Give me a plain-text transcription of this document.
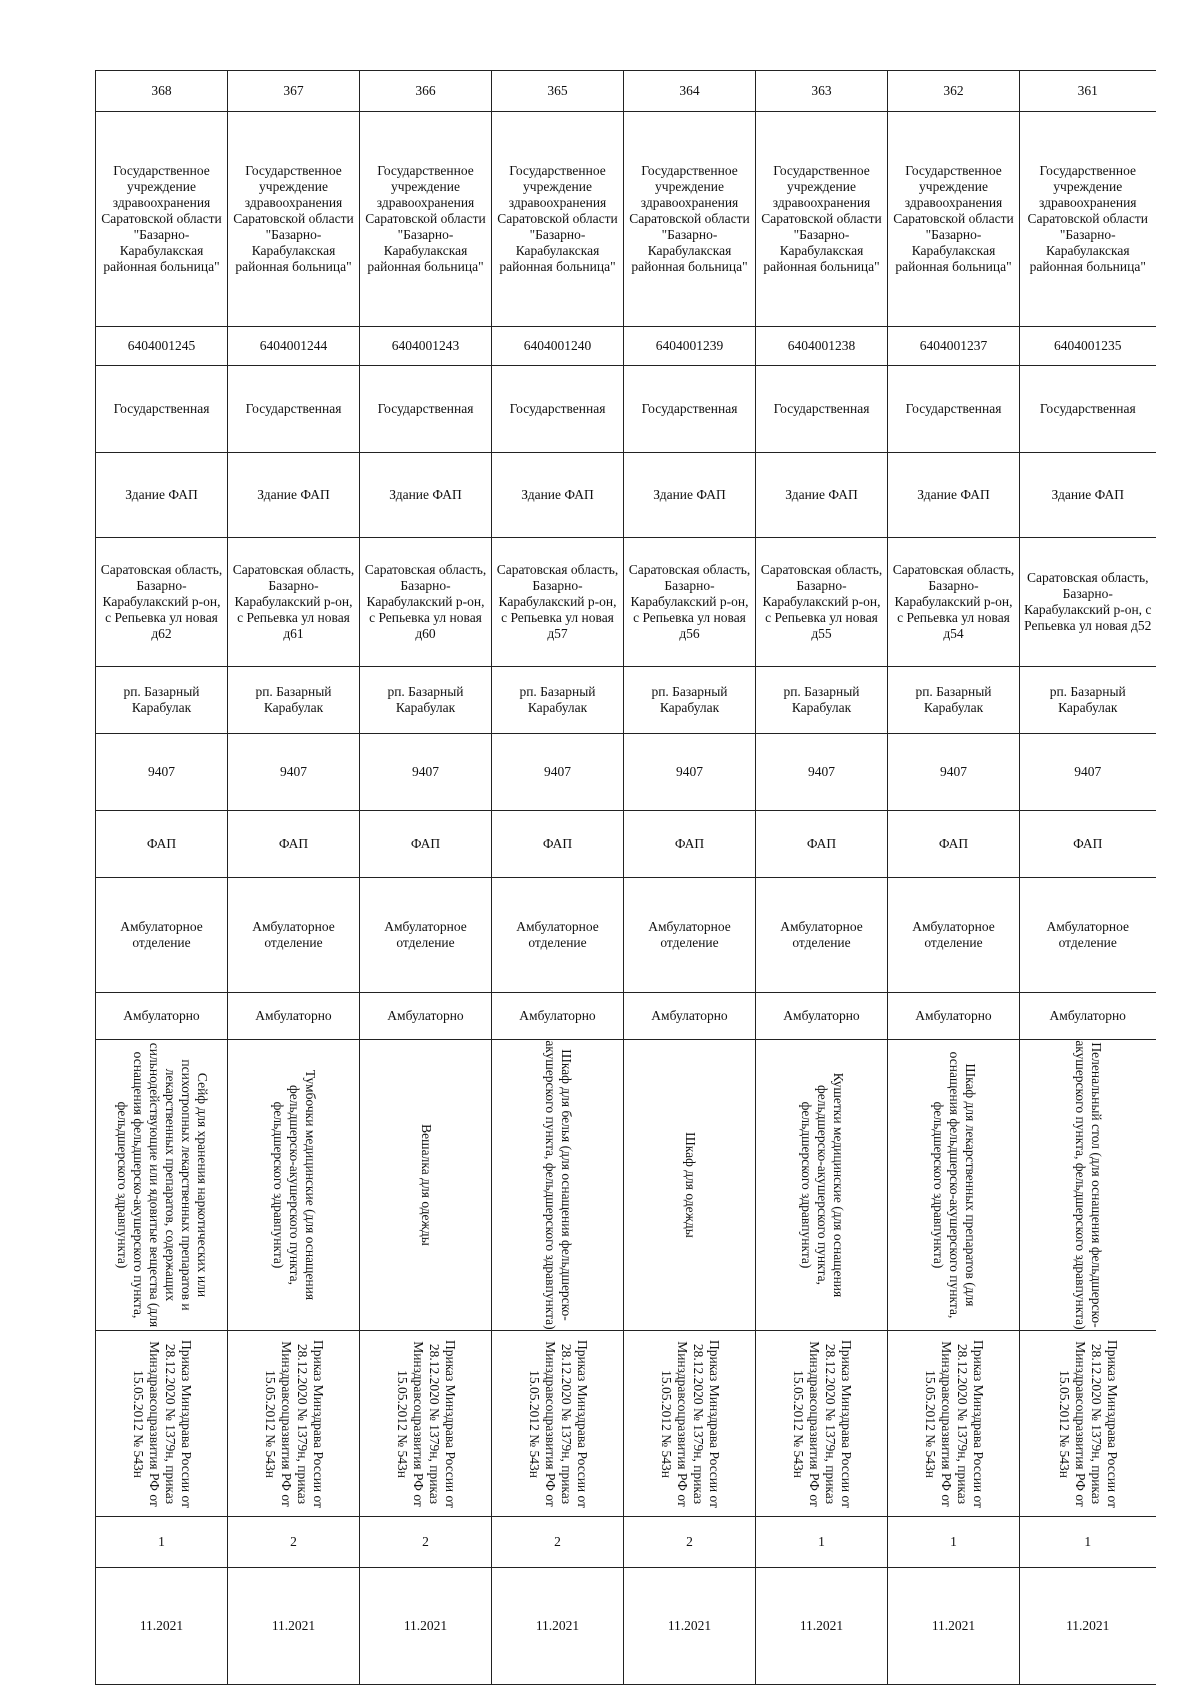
368	367	366	365	364	363	362	361
Государственное учреждение здравоохранения Саратовской области "Базарно-Карабулакская районная больница"	Государственное учреждение здравоохранения Саратовской области "Базарно-Карабулакская районная больница"	Государственное учреждение здравоохранения Саратовской области "Базарно-Карабулакская районная больница"	Государственное учреждение здравоохранения Саратовской области "Базарно-Карабулакская районная больница"	Государственное учреждение здравоохранения Саратовской области "Базарно-Карабулакская районная больница"	Государственное учреждение здравоохранения Саратовской области "Базарно-Карабулакская районная больница"	Государственное учреждение здравоохранения Саратовской области "Базарно-Карабулакская районная больница"	Государственное учреждение здравоохранения Саратовской области "Базарно-Карабулакская районная больница"
6404001245	6404001244	6404001243	6404001240	6404001239	6404001238	6404001237	6404001235
Государственная	Государственная	Государственная	Государственная	Государственная	Государственная	Государственная	Государственная
Здание ФАП	Здание ФАП	Здание ФАП	Здание ФАП	Здание ФАП	Здание ФАП	Здание ФАП	Здание ФАП
Саратовская область, Базарно-Карабулакский р-он, с Репьевка ул новая д62	Саратовская область, Базарно-Карабулакский р-он, с Репьевка ул новая д61	Саратовская область, Базарно-Карабулакский р-он, с Репьевка ул новая д60	Саратовская область, Базарно-Карабулакский р-он, с Репьевка ул новая д57	Саратовская область, Базарно-Карабулакский р-он, с Репьевка ул новая д56	Саратовская область, Базарно-Карабулакский р-он, с Репьевка ул новая д55	Саратовская область, Базарно-Карабулакский р-он, с Репьевка ул новая д54	Саратовская область, Базарно-Карабулакский р-он, с Репьевка ул новая д52
рп. Базарный Карабулак	рп. Базарный Карабулак	рп. Базарный Карабулак	рп. Базарный Карабулак	рп. Базарный Карабулак	рп. Базарный Карабулак	рп. Базарный Карабулак	рп. Базарный Карабулак
9407	9407	9407	9407	9407	9407	9407	9407
ФАП	ФАП	ФАП	ФАП	ФАП	ФАП	ФАП	ФАП
Амбулаторное отделение	Амбулаторное отделение	Амбулаторное отделение	Амбулаторное отделение	Амбулаторное отделение	Амбулаторное отделение	Амбулаторное отделение	Амбулаторное отделение
Амбулаторно	Амбулаторно	Амбулаторно	Амбулаторно	Амбулаторно	Амбулаторно	Амбулаторно	Амбулаторно

Сейф для хранения наркотических или психотропных лекарственных препаратов и лекарственных препаратов, содержащих сильнодействующие или ядовитые вещества (для оснащения фельдшерско-акушерского пункта, фельдшерского здравпункта)	Тумбочки медицинские (для оснащения фельдшерско-акушерского пункта, фельдшерского здравпункта)	Вешалка для одежды	Шкаф для белья (для оснащения фельдшерско-акушерского пункта, фельдшерского здравпункта)	Шкаф для одежды	Кушетки медицинские (для оснащения фельдшерско-акушерского пункта, фельдшерского здравпункта)	Шкаф для лекарственных препаратов (для оснащения фельдшерско-акушерского пункта, фельдшерского здравпункта)	Пеленальный стол (для оснащения фельдшерско-акушерского пункта, фельдшерского здравпункта)

Приказ Минздрава России от 28.12.2020 № 1379н, приказ Минздравсоцразвития РФ от 15.05.2012 № 543н	Приказ Минздрава России от 28.12.2020 № 1379н, приказ Минздравсоцразвития РФ от 15.05.2012 № 543н	Приказ Минздрава России от 28.12.2020 № 1379н, приказ Минздравсоцразвития РФ от 15.05.2012 № 543н	Приказ Минздрава России от 28.12.2020 № 1379н, приказ Минздравсоцразвития РФ от 15.05.2012 № 543н	Приказ Минздрава России от 28.12.2020 № 1379н, приказ Минздравсоцразвития РФ от 15.05.2012 № 543н	Приказ Минздрава России от 28.12.2020 № 1379н, приказ Минздравсоцразвития РФ от 15.05.2012 № 543н	Приказ Минздрава России от 28.12.2020 № 1379н, приказ Минздравсоцразвития РФ от 15.05.2012 № 543н	Приказ Минздрава России от 28.12.2020 № 1379н, приказ Минздравсоцразвития РФ от 15.05.2012 № 543н

1	2	2	2	2	1	1	1
11.2021	11.2021	11.2021	11.2021	11.2021	11.2021	11.2021	11.2021
